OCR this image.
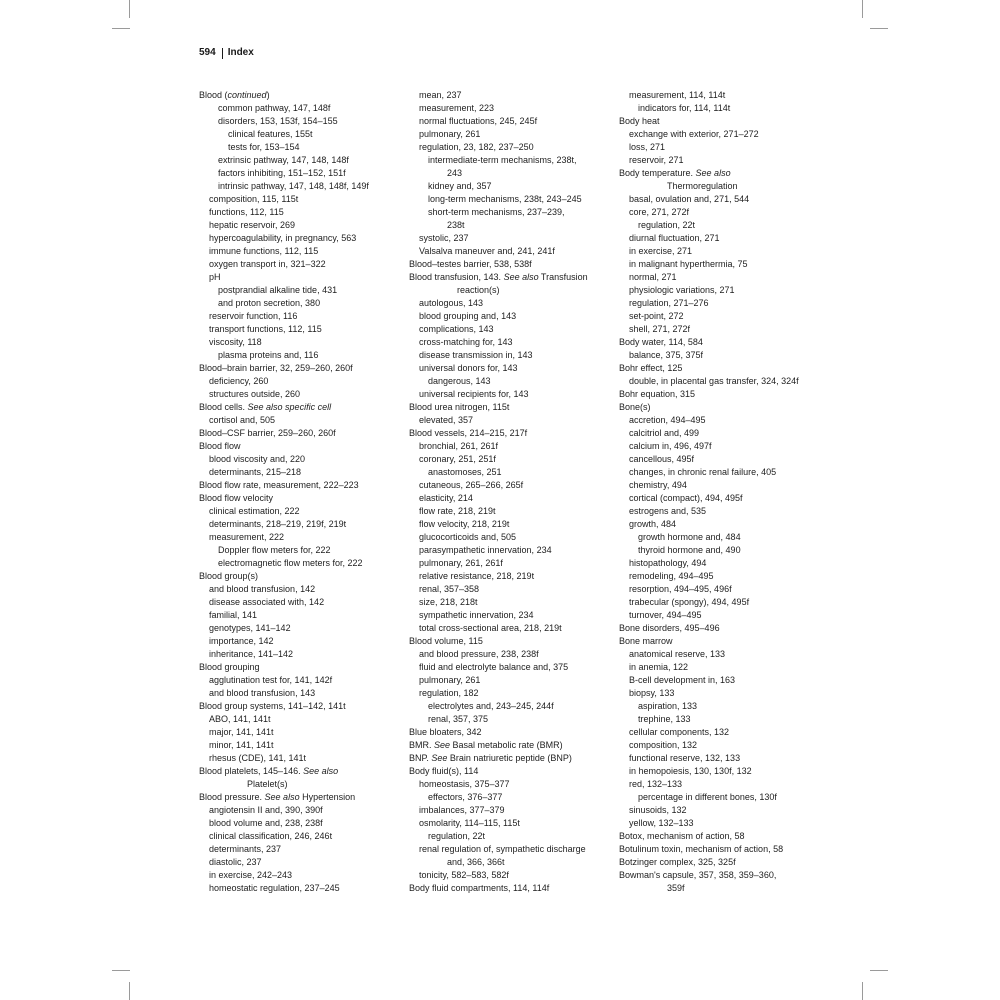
594 Index
Blood (continued)
common pathway, 147, 148f
disorders, 153, 153f, 154–155
clinical features, 155t
tests for, 153–154
extrinsic pathway, 147, 148, 148f
factors inhibiting, 151–152, 151f
intrinsic pathway, 147, 148, 148f, 149f
composition, 115, 115t
functions, 112, 115
hepatic reservoir, 269
hypercoagulability, in pregnancy, 563
immune functions, 112, 115
oxygen transport in, 321–322
pH
postprandial alkaline tide, 431
and proton secretion, 380
reservoir function, 116
transport functions, 112, 115
viscosity, 118
plasma proteins and, 116
Blood–brain barrier, 32, 259–260, 260f
deficiency, 260
structures outside, 260
Blood cells. See also specific cell
cortisol and, 505
Blood–CSF barrier, 259–260, 260f
Blood flow
blood viscosity and, 220
determinants, 215–218
Blood flow rate, measurement, 222–223
Blood flow velocity
clinical estimation, 222
determinants, 218–219, 219f, 219t
measurement, 222
Doppler flow meters for, 222
electromagnetic flow meters for, 222
Blood group(s)
and blood transfusion, 142
disease associated with, 142
familial, 141
genotypes, 141–142
importance, 142
inheritance, 141–142
Blood grouping
agglutination test for, 141, 142f
and blood transfusion, 143
Blood group systems, 141–142, 141t
ABO, 141, 141t
major, 141, 141t
minor, 141, 141t
rhesus (CDE), 141, 141t
Blood platelets, 145–146. See also
Platelet(s)
Blood pressure. See also Hypertension
angiotensin II and, 390, 390f
blood volume and, 238, 238f
clinical classification, 246, 246t
determinants, 237
diastolic, 237
in exercise, 242–243
homeostatic regulation, 237–245
mean, 237
measurement, 223
normal fluctuations, 245, 245f
pulmonary, 261
regulation, 23, 182, 237–250
intermediate-term mechanisms, 238t,
243
kidney and, 357
long-term mechanisms, 238t, 243–245
short-term mechanisms, 237–239,
238t
systolic, 237
Valsalva maneuver and, 241, 241f
Blood–testes barrier, 538, 538f
Blood transfusion, 143. See also Transfusion
reaction(s)
autologous, 143
blood grouping and, 143
complications, 143
cross-matching for, 143
disease transmission in, 143
universal donors for, 143
dangerous, 143
universal recipients for, 143
Blood urea nitrogen, 115t
elevated, 357
Blood vessels, 214–215, 217f
bronchial, 261, 261f
coronary, 251, 251f
anastomoses, 251
cutaneous, 265–266, 265f
elasticity, 214
flow rate, 218, 219t
flow velocity, 218, 219t
glucocorticoids and, 505
parasympathetic innervation, 234
pulmonary, 261, 261f
relative resistance, 218, 219t
renal, 357–358
size, 218, 218t
sympathetic innervation, 234
total cross-sectional area, 218, 219t
Blood volume, 115
and blood pressure, 238, 238f
fluid and electrolyte balance and, 375
pulmonary, 261
regulation, 182
electrolytes and, 243–245, 244f
renal, 357, 375
Blue bloaters, 342
BMR. See Basal metabolic rate (BMR)
BNP. See Brain natriuretic peptide (BNP)
Body fluid(s), 114
homeostasis, 375–377
effectors, 376–377
imbalances, 377–379
osmolarity, 114–115, 115t
regulation, 22t
renal regulation of, sympathetic discharge
and, 366, 366t
tonicity, 582–583, 582f
Body fluid compartments, 114, 114f
measurement, 114, 114t
indicators for, 114, 114t
Body heat
exchange with exterior, 271–272
loss, 271
reservoir, 271
Body temperature. See also
Thermoregulation
basal, ovulation and, 271, 544
core, 271, 272f
regulation, 22t
diurnal fluctuation, 271
in exercise, 271
in malignant hyperthermia, 75
normal, 271
physiologic variations, 271
regulation, 271–276
set-point, 272
shell, 271, 272f
Body water, 114, 584
balance, 375, 375f
Bohr effect, 125
double, in placental gas transfer, 324, 324f
Bohr equation, 315
Bone(s)
accretion, 494–495
calcitriol and, 499
calcium in, 496, 497f
cancellous, 495f
changes, in chronic renal failure, 405
chemistry, 494
cortical (compact), 494, 495f
estrogens and, 535
growth, 484
growth hormone and, 484
thyroid hormone and, 490
histopathology, 494
remodeling, 494–495
resorption, 494–495, 496f
trabecular (spongy), 494, 495f
turnover, 494–495
Bone disorders, 495–496
Bone marrow
anatomical reserve, 133
in anemia, 122
B-cell development in, 163
biopsy, 133
aspiration, 133
trephine, 133
cellular components, 132
composition, 132
functional reserve, 132, 133
in hemopoiesis, 130, 130f, 132
red, 132–133
percentage in different bones, 130f
sinusoids, 132
yellow, 132–133
Botox, mechanism of action, 58
Botulinum toxin, mechanism of action, 58
Botzinger complex, 325, 325f
Bowman's capsule, 357, 358, 359–360,
359f
